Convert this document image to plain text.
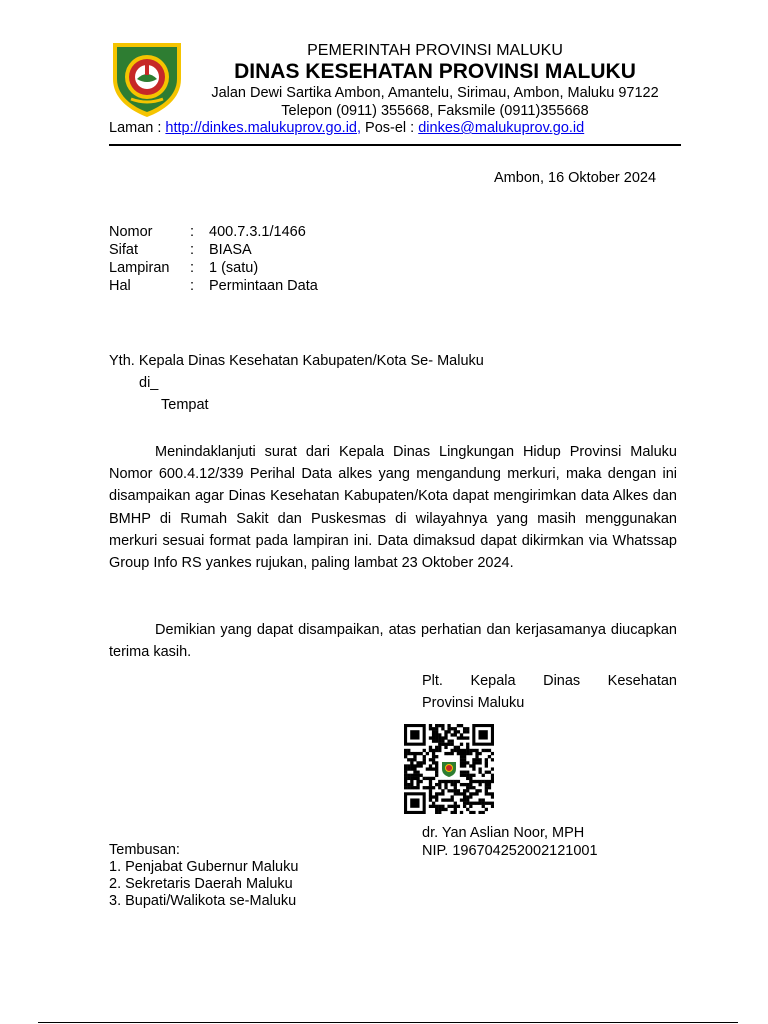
PEMERINTAH PROVINSI MALUKU
DINAS KESEHATAN PROVINSI MALUKU
Jalan Dewi Sartika Ambon, Amantelu, Sirimau, Ambon, Maluku 97122
Telepon (0911) 355668, Faksmile (0911)355668
Laman : http://dinkes.malukuprov.go.id, Pos-el : dinkes@malukuprov.go.id
Ambon, 16 Oktober 2024
Nomor	: 400.7.3.1/1466
Sifat	: BIASA
Lampiran : 1 (satu)
Hal	: Permintaan Data
Yth. Kepala Dinas Kesehatan Kabupaten/Kota Se- Maluku
di_
Tempat

Menindaklanjuti surat dari Kepala Dinas Lingkungan Hidup Provinsi Maluku Nomor 600.4.12/339 Perihal Data alkes yang mengandung merkuri, maka dengan ini disampaikan agar Dinas Kesehatan Kabupaten/Kota dapat mengirimkan data Alkes dan BMHP di Rumah Sakit dan Puskesmas di wilayahnya yang masih menggunakan merkuri sesuai format pada lampiran ini. Data dimaksud dapat dikirmkan via Whatssap Group Info RS yankes rujukan, paling lambat 23 Oktober 2024.

Demikian yang dapat disampaikan, atas perhatian dan kerjasamanya diucapkan terima kasih.

Plt. Kepala Dinas Kesehatan
Provinsi Maluku
dr. Yan Aslian Noor, MPH
NIP. 196704252002121001
Tembusan:
1. Penjabat Gubernur Maluku
2. Sekretaris Daerah Maluku
3. Bupati/Walikota se-Maluku
